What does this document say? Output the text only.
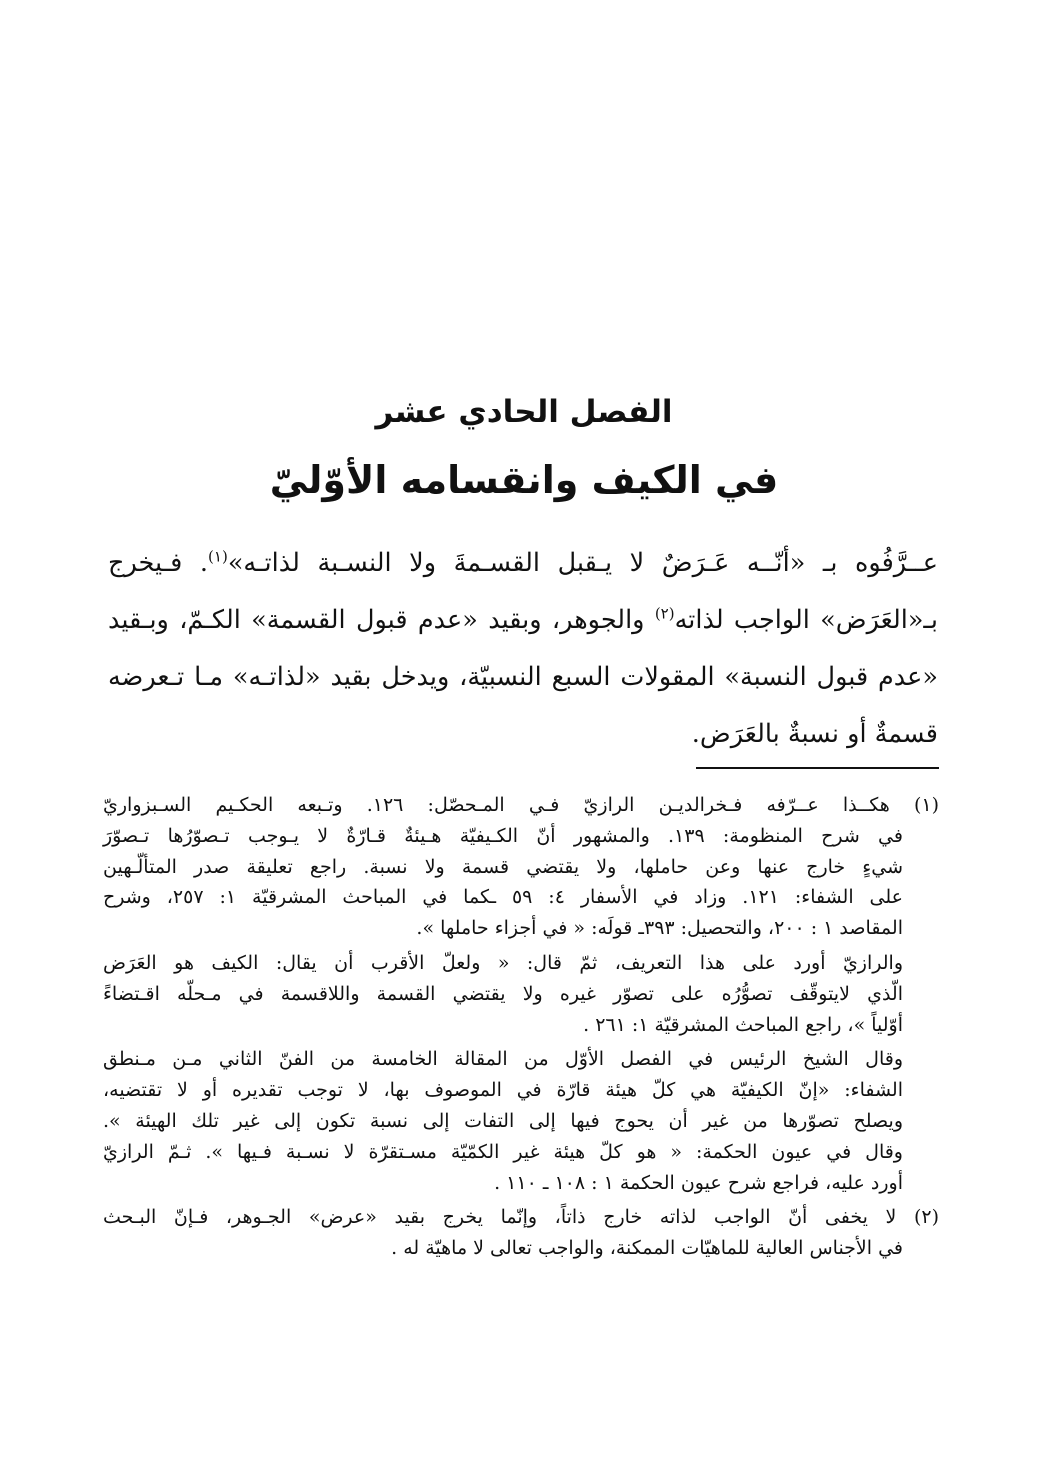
الفصل الحادي عشر
في الكيف وانقسامه الأوّليّ
عــرَّفُوه بـ «أنّــه عَـرَضٌ لا يـقبل القسـمةَ ولا النسـبة لذاتـه»$^{(١)}$. فـيخرج
بـ«العَرَض» الواجب لذاته$^{(٢)}$ والجوهر، وبقيد «عدم قبول القسمة» الكـمّ، وبـقيد
«عدم قبول النسبة» المقولات السبع النسبيّة، ويدخل بقيد «لذاتـه» مـا تـعرضه
قسمةٌ أو نسبةٌ بالعَرَض.
(١) هكــذا عــرّفه فـخرالديـن الرازيّ فـي المـحصّل: ١٢٦. وتـبعه الحكـيم السـبزواريّ
في شرح المنظومة: ١٣٩. والمشهور أنّ الكـيفيّة هـيئةٌ قـارّةٌ لا يـوجب تـصوّرُها تـصوّرَ
شيءٍ خارج عنها وعن حاملها، ولا يقتضي قسمة ولا نسبة. راجع تعليقة صدر المتألّـهين
على الشفاء: ١٢١. وزاد في الأسفار ٤: ٥٩ ـكما في المباحث المشرقيّة ١: ٢٥٧، وشرح
المقاصد ١ : ٢٠٠، والتحصيل: ٣٩٣ـ قولَه: « في أجزاء حاملها ».
والرازيّ أورد على هذا التعريف، ثمّ قال: « ولعلّ الأقرب أن يقال: الكيف هو العَرَض
الّذي لايتوقّف تصوُّرُه على تصوّر غيره ولا يقتضي القسمة واللاقسمة في مـحلّه اقـتضاءً
أوّلياً »، راجع المباحث المشرقيّة ١: ٢٦١ .
وقال الشيخ الرئيس في الفصل الأوّل من المقالة الخامسة من الفنّ الثاني مـن مـنطق
الشفاء: «إنّ الكيفيّة هي كلّ هيئة قارّة في الموصوف بها، لا توجب تقديره أو لا تقتضيه،
ويصلح تصوّرها من غير أن يحوج فيها إلى التفات إلى نسبة تكون إلى غير تلك الهيئة ».
وقال في عيون الحكمة: « هو كلّ هيئة غير الكمّيّة مسـتقرّة لا نسـبة فـيها ». ثـمّ الرازيّ
أورد عليه، فراجع شرح عيون الحكمة ١ : ١٠٨ ـ ١١٠ .
(٢) لا يخفى أنّ الواجب لذاته خارج ذاتاً، وإنّما يخرج بقيد «عرض» الجـوهر، فـإنّ البـحث
في الأجناس العالية للماهيّات الممكنة، والواجب تعالى لا ماهيّة له .
